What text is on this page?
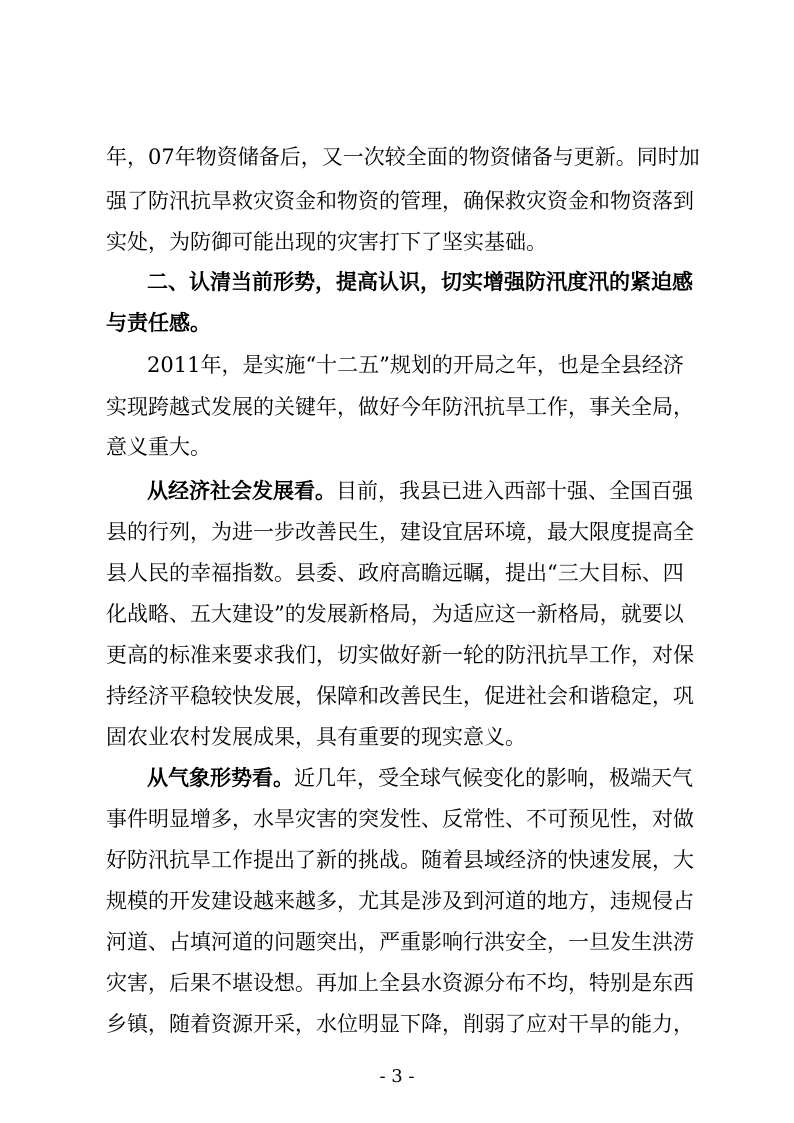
年，07年物资储备后，又一次较全面的物资储备与更新。同时加
强了防汛抗旱救灾资金和物资的管理，确保救灾资金和物资落到
实处，为防御可能出现的灾害打下了坚实基础。
二、认清当前形势，提高认识，切实增强防汛度汛的紧迫感
与责任感。
2011年，是实施“十二五”规划的开局之年，也是全县经济
实现跨越式发展的关键年，做好今年防汛抗旱工作，事关全局，
意义重大。
从经济社会发展看。目前，我县已进入西部十强、全国百强
县的行列，为进一步改善民生，建设宜居环境，最大限度提高全
县人民的幸福指数。县委、政府高瞻远瞩，提出“三大目标、四
化战略、五大建设”的发展新格局，为适应这一新格局，就要以
更高的标准来要求我们，切实做好新一轮的防汛抗旱工作，对保
持经济平稳较快发展，保障和改善民生，促进社会和谐稳定，巩
固农业农村发展成果，具有重要的现实意义。
从气象形势看。近几年，受全球气候变化的影响，极端天气
事件明显增多，水旱灾害的突发性、反常性、不可预见性，对做
好防汛抗旱工作提出了新的挑战。随着县域经济的快速发展，大
规模的开发建设越来越多，尤其是涉及到河道的地方，违规侵占
河道、占填河道的问题突出，严重影响行洪安全，一旦发生洪涝
灾害，后果不堪设想。再加上全县水资源分布不均，特别是东西
乡镇，随着资源开采，水位明显下降，削弱了应对干旱的能力，
- 3 -
